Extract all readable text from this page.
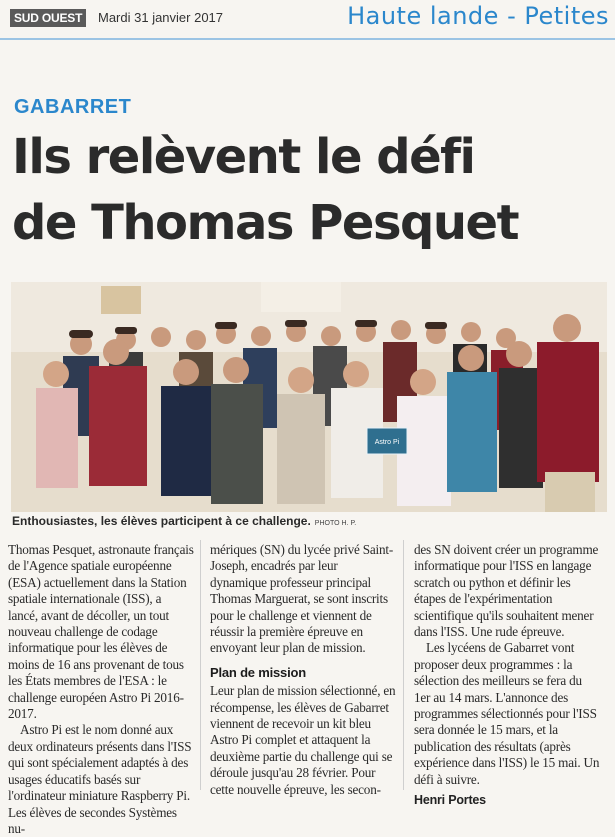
SUD OUEST	Mardi 31 janvier 2017	Haute lande - Petites
GABARRET
Ils relèvent le défi
de Thomas Pesquet
Astro Pi
Enthousiastes, les élèves participent à ce challenge. PHOTO H. P.

Thomas Pesquet, astronaute français de l'Agence spatiale européenne (ESA) actuellement dans la Station spatiale internationale (ISS), a lancé, avant de décoller, un tout nouveau challenge de codage informatique pour les élèves de moins de 16 ans provenant de tous les États membres de l'ESA : le challenge européen Astro Pi 2016-2017.

Astro Pi est le nom donné aux deux ordinateurs présents dans l'ISS qui sont spécialement adaptés à des usages éducatifs basés sur l'ordinateur miniature Raspberry Pi. Les élèves de secondes Systèmes nu-

mériques (SN) du lycée privé Saint-Joseph, encadrés par leur dynamique professeur principal Thomas Marguerat, se sont inscrits pour le challenge et viennent de réussir la première épreuve en envoyant leur plan de mission.

Plan de mission

Leur plan de mission sélectionné, en récompense, les élèves de Gabarret viennent de recevoir un kit bleu Astro Pi complet et attaquent la deuxième partie du challenge qui se déroule jusqu'au 28 février. Pour cette nouvelle épreuve, les secon-

des SN doivent créer un programme informatique pour l'ISS en langage scratch ou python et définir les étapes de l'expérimentation scientifique qu'ils souhaitent mener dans l'ISS. Une rude épreuve.

Les lycéens de Gabarret vont proposer deux programmes : la sélection des meilleurs se fera du 1er au 14 mars. L'annonce des programmes sélectionnés pour l'ISS sera donnée le 15 mars, et la publication des résultats (après expérience dans l'ISS) le 15 mai. Un défi à suivre.

Henri Portes
